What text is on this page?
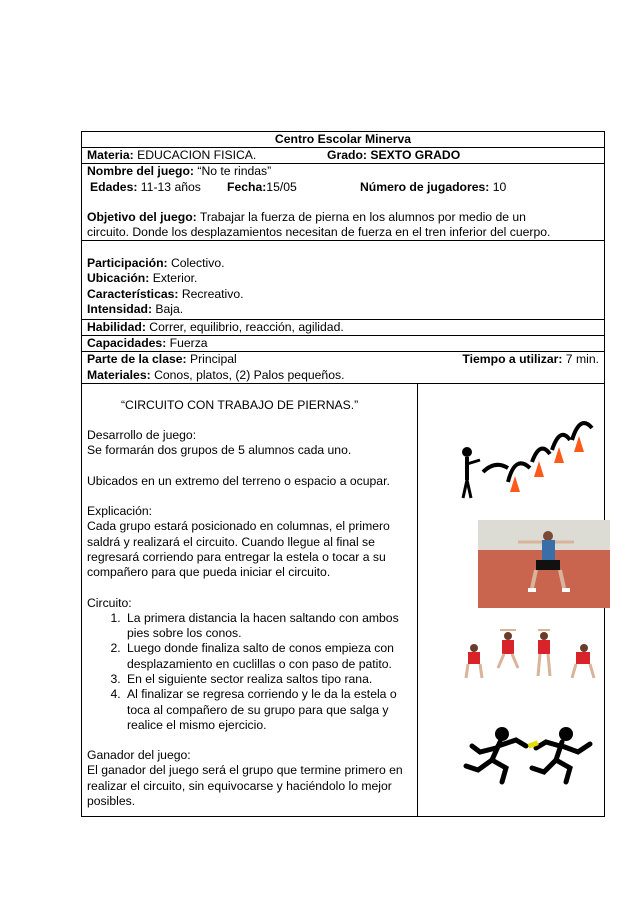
Centro Escolar Minerva
Materia: EDUCACION FISICA.	Grado: SEXTO GRADO
Nombre del juego: “No te rindas”
Edades: 11-13 años	Fecha:15/05	Número de jugadores: 10
Objetivo del juego: Trabajar la fuerza de pierna en los alumnos por medio de un
circuito. Donde los desplazamientos necesitan de fuerza en el tren inferior del cuerpo.
Participación: Colectivo.
Ubicación: Exterior.
Características: Recreativo.
Intensidad: Baja.
Habilidad: Correr, equilibrio, reacción, agilidad.
Capacidades: Fuerza
Parte de la clase: Principal	Tiempo a utilizar: 7 min.
Materiales: Conos, platos, (2) Palos pequeños.
“CIRCUITO CON TRABAJO DE PIERNAS.”
Desarrollo de juego:
Se formarán dos grupos de 5 alumnos cada uno.
Ubicados en un extremo del terreno o espacio a ocupar.
Explicación:
Cada grupo estará posicionado en columnas, el primero saldrá y realizará el circuito. Cuando llegue al final se regresará corriendo para entregar la estela o tocar a su compañero para que pueda iniciar el circuito.
Circuito:
1. La primera distancia la hacen saltando con ambos pies sobre los conos.
2. Luego donde finaliza salto de conos empieza con desplazamiento en cuclillas o con paso de patito.
3. En el siguiente sector realiza saltos tipo rana.
4. Al finalizar se regresa corriendo y le da la estela o toca al compañero de su grupo para que salga y realice el mismo ejercicio.
Ganador del juego:
El ganador del juego será el grupo que termine primero en realizar el circuito, sin equivocarse y haciéndolo lo mejor posibles.
